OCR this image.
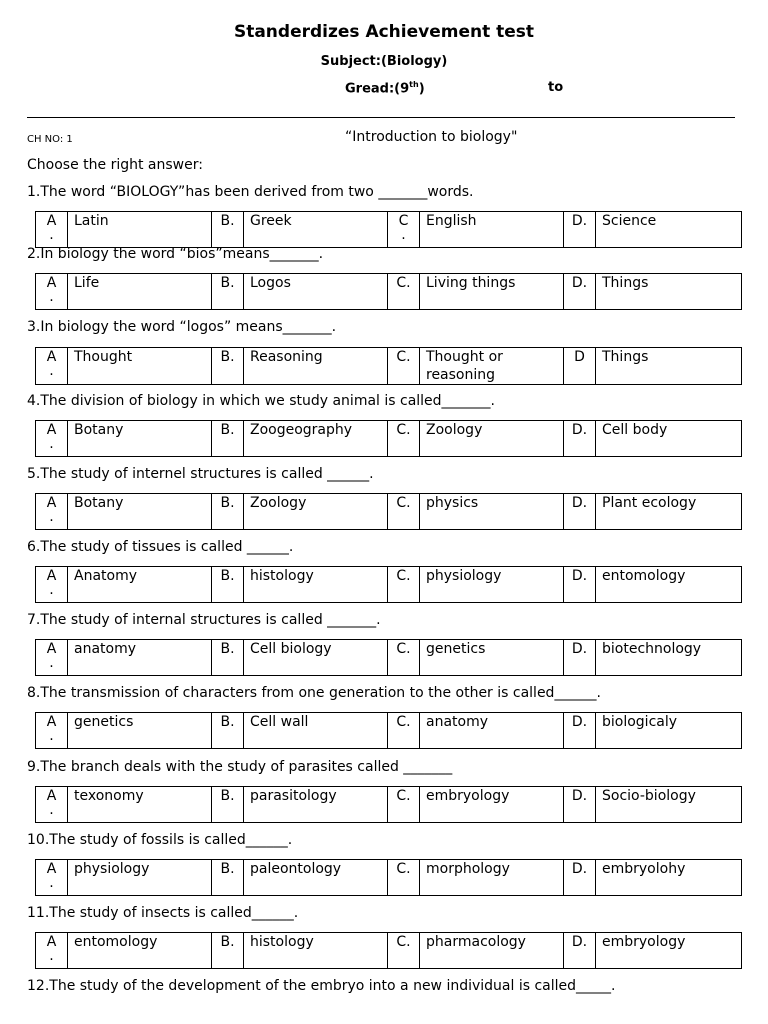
Standerdizes Achievement test
Subject:(Biology)
Gread:(9th)	to
CH NO: 1	“Introduction to biology"
Choose the right answer:
1.The word “BIOLOGY”has been derived from two _______words.
A
.
	Latin	B.	Greek	C
.
	English	D.	Science
2.In biology the word “bios”means_______.
A
.
	Life	B.	Logos	C.	Living things	D.	Things
3.In biology the word “logos” means_______.
A
.
	Thought	B.	Reasoning	C.	Thought or reasoning	D	Things
4.The division of biology in which we study animal is called_______.
A
.
	Botany	B.	Zoogeography	C.	Zoology	D.	Cell body
5.The study of internel structures is called ______.
A
.
	Botany	B.	Zoology	C.	physics	D.	Plant ecology
6.The study of tissues is called ______.
A
.
	Anatomy	B.	histology	C.	physiology	D.	entomology
7.The study of internal structures is called _______.
A
.
	anatomy	B.	Cell biology	C.	genetics	D.	biotechnology
8.The transmission of characters from one generation to the other is called______.
A
.
	genetics	B.	Cell wall	C.	anatomy	D.	biologicaly
9.The branch deals with the study of parasites called _______
A
.
	texonomy	B.	parasitology	C.	embryology	D.	Socio-biology
10.The study of fossils is called______.
A
.
	physiology	B.	paleontology	C.	morphology	D.	embryolohy
11.The study of insects is called______.
A
.
	entomology	B.	histology	C.	pharmacology	D.	embryology
12.The study of the development of the embryo into a new individual is called_____.
